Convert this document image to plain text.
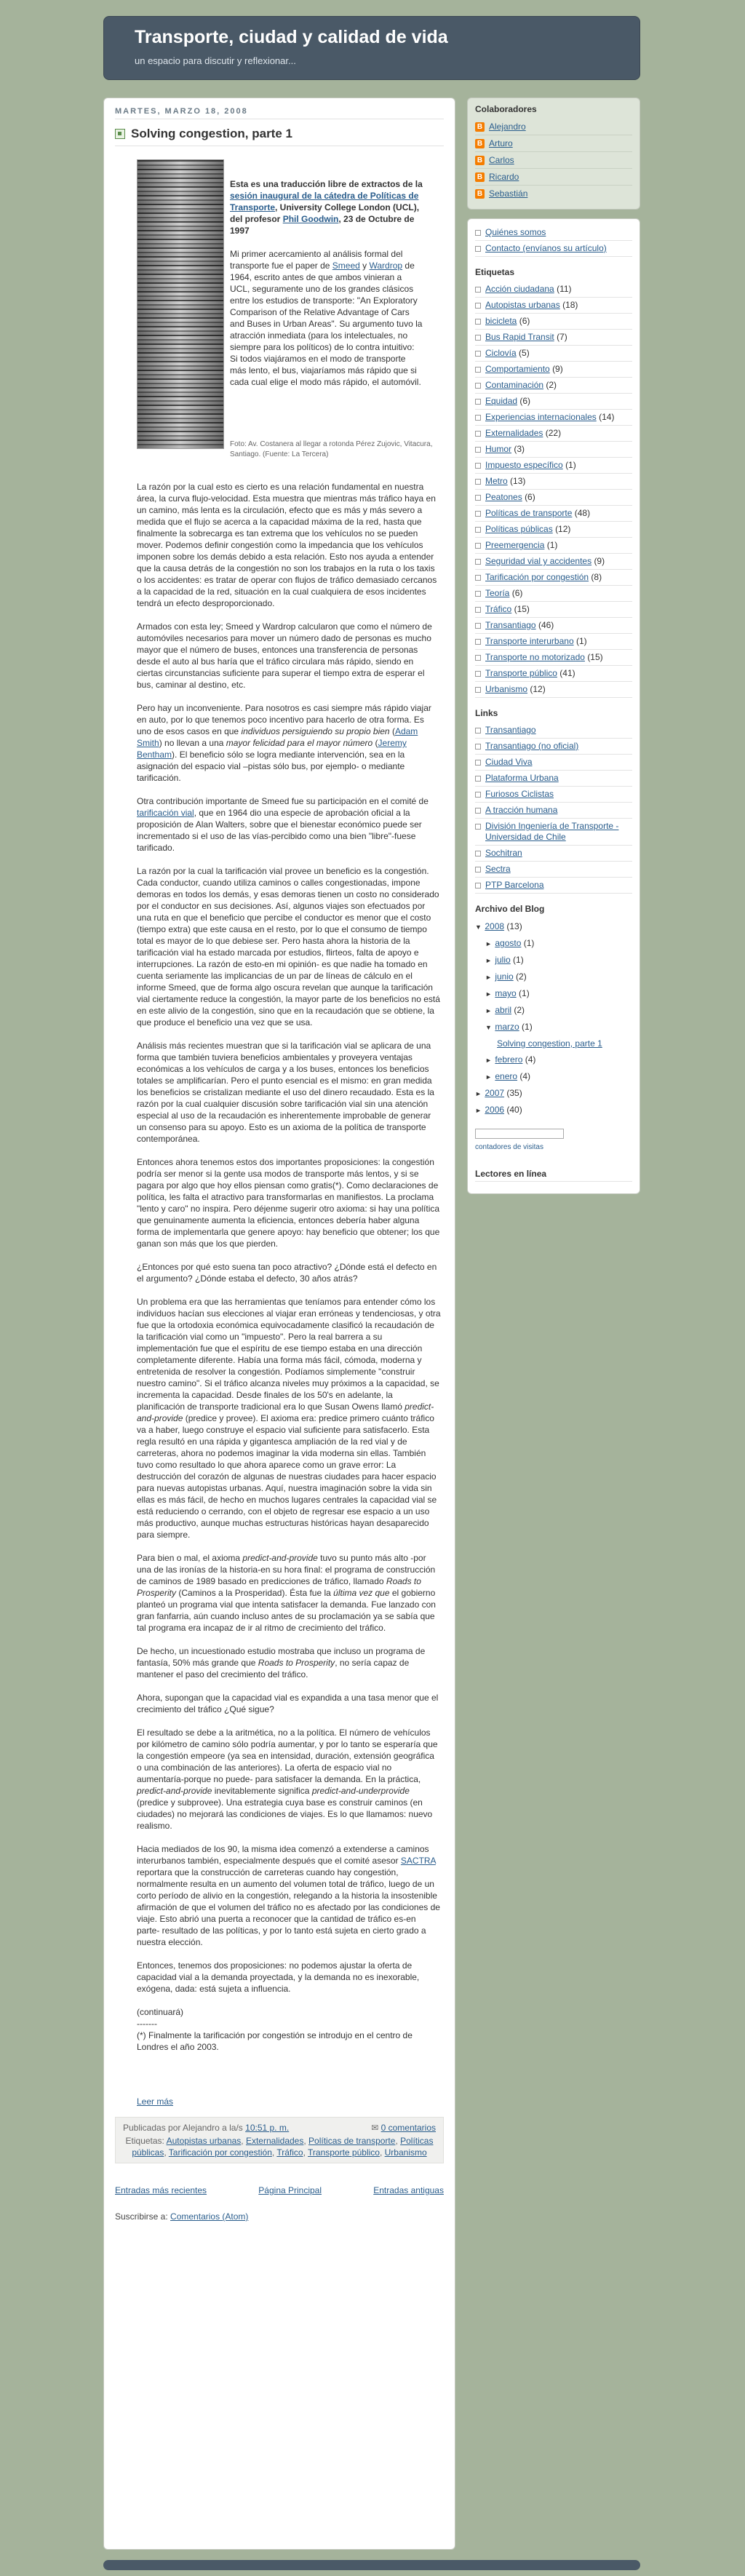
Transporte, ciudad y calidad de vida
un espacio para discutir y reflexionar...
MARTES, MARZO 18, 2008
Solving congestion, parte 1

Esta es una traducción libre de extractos de la sesión inaugural de la cátedra de Políticas de Transporte, University College London (UCL), del profesor Phil Goodwin, 23 de Octubre de 1997

Mi primer acercamiento al análisis formal del transporte fue el paper de Smeed y Wardrop de 1964, escrito antes de que ambos vinieran a UCL, seguramente uno de los grandes clásicos entre los estudios de transporte: "An Exploratory Comparison of the Relative Advantage of Cars and Buses in Urban Areas". Su argumento tuvo la atracción inmediata (para los intelectuales, no siempre para los políticos) de lo contra intuitivo: Si todos viajáramos en el modo de transporte más lento, el bus, viajaríamos más rápido que si cada cual elige el modo más rápido, el automóvil.

Foto: Av. Costanera al llegar a rotonda Pérez Zujovic, Vitacura, Santiago. (Fuente: La Tercera)

La razón por la cual esto es cierto es una relación fundamental en nuestra área, la curva flujo-velocidad. Esta muestra que mientras más tráfico haya en un camino, más lenta es la circulación, efecto que es más y más severo a medida que el flujo se acerca a la capacidad máxima de la red, hasta que finalmente la sobrecarga es tan extrema que los vehículos no se pueden mover. Podemos definir congestión como la impedancia que los vehículos imponen sobre los demás debido a esta relación. Esto nos ayuda a entender que la causa detrás de la congestión no son los trabajos en la ruta o los taxis o los accidentes: es tratar de operar con flujos de tráfico demasiado cercanos a la capacidad de la red, situación en la cual cualquiera de esos incidentes tendrá un efecto desproporcionado.

Armados con esta ley; Smeed y Wardrop calcularon que como el número de automóviles necesarios para mover un número dado de personas es mucho mayor que el número de buses, entonces una transferencia de personas desde el auto al bus haría que el tráfico circulara más rápido, siendo en ciertas circunstancias suficiente para superar el tiempo extra de esperar el bus, caminar al destino, etc.

Pero hay un inconveniente. Para nosotros es casi siempre más rápido viajar en auto, por lo que tenemos poco incentivo para hacerlo de otra forma. Es uno de esos casos en que individuos persiguiendo su propio bien (Adam Smith) no llevan a una mayor felicidad para el mayor número (Jeremy Bentham). El beneficio sólo se logra mediante intervención, sea en la asignación del espacio vial –pistas sólo bus, por ejemplo- o mediante tarificación.

Otra contribución importante de Smeed fue su participación en el comité de tarificación vial, que en 1964 dio una especie de aprobación oficial a la proposición de Alan Walters, sobre que el bienestar económico puede ser incrementado si el uso de las vías-percibido como una bien "libre"-fuese tarificado.

La razón por la cual la tarificación vial provee un beneficio es la congestión. Cada conductor, cuando utiliza caminos o calles congestionadas, impone demoras en todos los demás, y esas demoras tienen un costo no considerado por el conductor en sus decisiones. Así, algunos viajes son efectuados por una ruta en que el beneficio que percibe el conductor es menor que el costo (tiempo extra) que este causa en el resto, por lo que el consumo de tiempo total es mayor de lo que debiese ser. Pero hasta ahora la historia de la tarificación vial ha estado marcada por estudios, flirteos, falta de apoyo e interrupciones. La razón de esto-en mi opinión- es que nadie ha tomado en cuenta seriamente las implicancias de un par de líneas de cálculo en el informe Smeed, que de forma algo oscura revelan que aunque la tarificación vial ciertamente reduce la congestión, la mayor parte de los beneficios no está en este alivio de la congestión, sino que en la recaudación que se obtiene, la que produce el beneficio una vez que se usa.

Análisis más recientes muestran que si la tarificación vial se aplicara de una forma que también tuviera beneficios ambientales y proveyera ventajas económicas a los vehículos de carga y a los buses, entonces los beneficios totales se amplificarían. Pero el punto esencial es el mismo: en gran medida los beneficios se cristalizan mediante el uso del dinero recaudado. Esta es la razón por la cual cualquier discusión sobre tarificación vial sin una atención especial al uso de la recaudación es inherentemente improbable de generar un consenso para su apoyo. Esto es un axioma de la política de transporte contemporánea.

Entonces ahora tenemos estos dos importantes proposiciones: la congestión podría ser menor si la gente usa modos de transporte más lentos, y si se pagara por algo que hoy ellos piensan como gratis(*). Como declaraciones de política, les falta el atractivo para transformarlas en manifiestos. La proclama "lento y caro" no inspira. Pero déjenme sugerir otro axioma: si hay una política que genuinamente aumenta la eficiencia, entonces debería haber alguna forma de implementarla que genere apoyo: hay beneficio que obtener; los que ganan son más que los que pierden.

¿Entonces por qué esto suena tan poco atractivo? ¿Dónde está el defecto en el argumento? ¿Dónde estaba el defecto, 30 años atrás?

Un problema era que las herramientas que teníamos para entender cómo los individuos hacían sus elecciones al viajar eran erróneas y tendenciosas, y otra fue que la ortodoxia económica equivocadamente clasificó la recaudación de la tarificación vial como un "impuesto". Pero la real barrera a su implementación fue que el espíritu de ese tiempo estaba en una dirección completamente diferente. Había una forma más fácil, cómoda, moderna y entretenida de resolver la congestión. Podíamos simplemente "construir nuestro camino". Si el tráfico alcanza niveles muy próximos a la capacidad, se incrementa la capacidad. Desde finales de los 50's en adelante, la planificación de transporte tradicional era lo que Susan Owens llamó predict-and-provide (predice y provee). El axioma era: predice primero cuánto tráfico va a haber, luego construye el espacio vial suficiente para satisfacerlo. Esta regla resultó en una rápida y gigantesca ampliación de la red vial y de carreteras, ahora no podemos imaginar la vida moderna sin ellas. También tuvo como resultado lo que ahora aparece como un grave error: La destrucción del corazón de algunas de nuestras ciudades para hacer espacio para nuevas autopistas urbanas. Aquí, nuestra imaginación sobre la vida sin ellas es más fácil, de hecho en muchos lugares centrales la capacidad vial se está reduciendo o cerrando, con el objeto de regresar ese espacio a un uso más productivo, aunque muchas estructuras históricas hayan desaparecido para siempre.

Para bien o mal, el axioma predict-and-provide tuvo su punto más alto -por una de las ironías de la historia-en su hora final: el programa de construcción de caminos de 1989 basado en predicciones de tráfico, llamado Roads to Prosperity (Caminos a la Prosperidad). Ésta fue la última vez que el gobierno planteó un programa vial que intenta satisfacer la demanda. Fue lanzado con gran fanfarria, aún cuando incluso antes de su proclamación ya se sabía que tal programa era incapaz de ir al ritmo de crecimiento del tráfico.

De hecho, un incuestionado estudio mostraba que incluso un programa de fantasía, 50% más grande que Roads to Prosperity, no sería capaz de mantener el paso del crecimiento del tráfico.

Ahora, supongan que la capacidad vial es expandida a una tasa menor que el crecimiento del tráfico ¿Qué sigue?

El resultado se debe a la aritmética, no a la política. El número de vehículos por kilómetro de camino sólo podría aumentar, y por lo tanto se esperaría que la congestión empeore (ya sea en intensidad, duración, extensión geográfica o una combinación de las anteriores). La oferta de espacio vial no aumentaría-porque no puede- para satisfacer la demanda. En la práctica, predict-and-provide inevitablemente significa predict-and-underprovide (predice y subprovee). Una estrategia cuya base es construir caminos (en ciudades) no mejorará las condiciones de viajes. Es lo que llamamos: nuevo realismo.

Hacia mediados de los 90, la misma idea comenzó a extenderse a caminos interurbanos también, especialmente después que el comité asesor SACTRA reportara que la construcción de carreteras cuando hay congestión, normalmente resulta en un aumento del volumen total de tráfico, luego de un corto período de alivio en la congestión, relegando a la historia la insostenible afirmación de que el volumen del tráfico no es afectado por las condiciones de viaje. Esto abrió una puerta a reconocer que la cantidad de tráfico es-en parte- resultado de las políticas, y por lo tanto está sujeta en cierto grado a nuestra elección.

Entonces, tenemos dos proposiciones: no podemos ajustar la oferta de capacidad vial a la demanda proyectada, y la demanda no es inexorable, exógena, dada: está sujeta a influencia.

(continuará)
-------
(*) Finalmente la tarificación por congestión se introdujo en el centro de Londres el año 2003.

Leer más
Publicadas por Alejandro a la/s 10:51 p. m.	✉ 0 comentarios
Etiquetas: Autopistas urbanas, Externalidades, Políticas de transporte, Políticas públicas, Tarificación por congestión, Tráfico, Transporte público, Urbanismo
Entradas más recientes	Página Principal	Entradas antiguas
Suscribirse a: Comentarios (Atom)
Colaboradores
B Alejandro
B Arturo
B Carlos
B Ricardo
B Sebastián
Quiénes somos
Contacto (envíanos su artículo)
Etiquetas
Acción ciudadana (11)
Autopistas urbanas (18)
bicicleta (6)
Bus Rapid Transit (7)
Ciclovía (5)
Comportamiento (9)
Contaminación (2)
Equidad (6)
Experiencias internacionales (14)
Externalidades (22)
Humor (3)
Impuesto específico (1)
Metro (13)
Peatones (6)
Políticas de transporte (48)
Políticas públicas (12)
Preemergencia (1)
Seguridad vial y accidentes (9)
Tarificación por congestión (8)
Teoría (6)
Tráfico (15)
Transantiago (46)
Transporte interurbano (1)
Transporte no motorizado (15)
Transporte público (41)
Urbanismo (12)
Links
Transantiago
Transantiago (no oficial)
Ciudad Viva
Plataforma Urbana
Furiosos Ciclistas
A tracción humana
División Ingeniería de Transporte - Universidad de Chile
Sochitran
Sectra
PTP Barcelona
Archivo del Blog
▼ 2008 (13)
► agosto (1)
► julio (1)
► junio (2)
► mayo (1)
► abril (2)
▼ marzo (1)
Solving congestion, parte 1
► febrero (4)
► enero (4)
► 2007 (35)
► 2006 (40)
contadores de visitas
Lectores en línea
